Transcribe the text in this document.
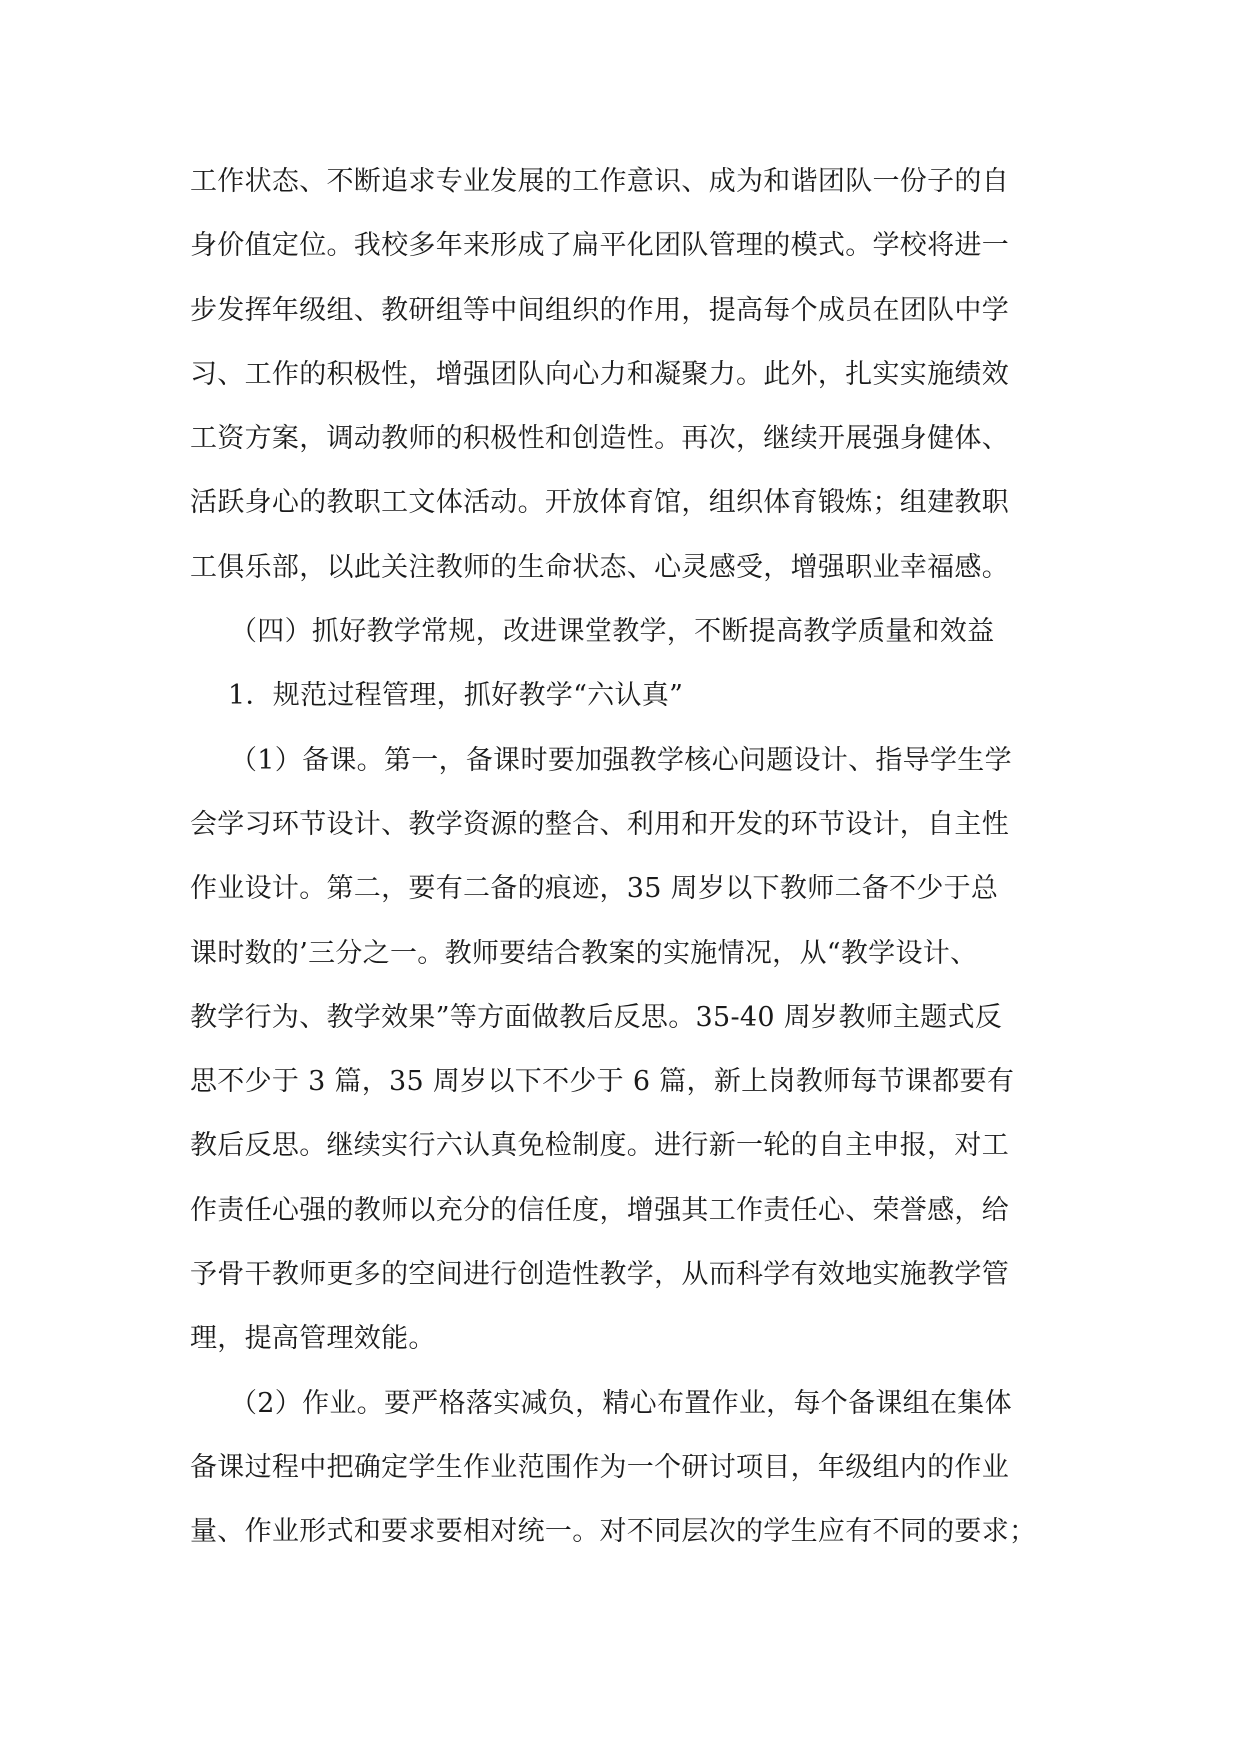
工作状态、不断追求专业发展的工作意识、成为和谐团队一份子的自
身价值定位。我校多年来形成了扁平化团队管理的模式。学校将进一
步发挥年级组、教研组等中间组织的作用，提高每个成员在团队中学
习、工作的积极性，增强团队向心力和凝聚力。此外，扎实实施绩效
工资方案，调动教师的积极性和创造性。再次，继续开展强身健体、
活跃身心的教职工文体活动。开放体育馆，组织体育锻炼；组建教职
工俱乐部，以此关注教师的生命状态、心灵感受，增强职业幸福感。
（四）抓好教学常规，改进课堂教学，不断提高教学质量和效益
1．规范过程管理，抓好教学“六认真”
（1）备课。第一，备课时要加强教学核心问题设计、指导学生学
会学习环节设计、教学资源的整合、利用和开发的环节设计，自主性
作业设计。第二，要有二备的痕迹，35 周岁以下教师二备不少于总
课时数的’三分之一。教师要结合教案的实施情况，从“教学设计、
教学行为、教学效果”等方面做教后反思。35-40 周岁教师主题式反
思不少于 3 篇，35 周岁以下不少于 6 篇，新上岗教师每节课都要有
教后反思。继续实行六认真免检制度。进行新一轮的自主申报，对工
作责任心强的教师以充分的信任度，增强其工作责任心、荣誉感，给
予骨干教师更多的空间进行创造性教学，从而科学有效地实施教学管
理，提高管理效能。
（2）作业。要严格落实减负，精心布置作业，每个备课组在集体
备课过程中把确定学生作业范围作为一个研讨项目，年级组内的作业
量、作业形式和要求要相对统一。对不同层次的学生应有不同的要求；
